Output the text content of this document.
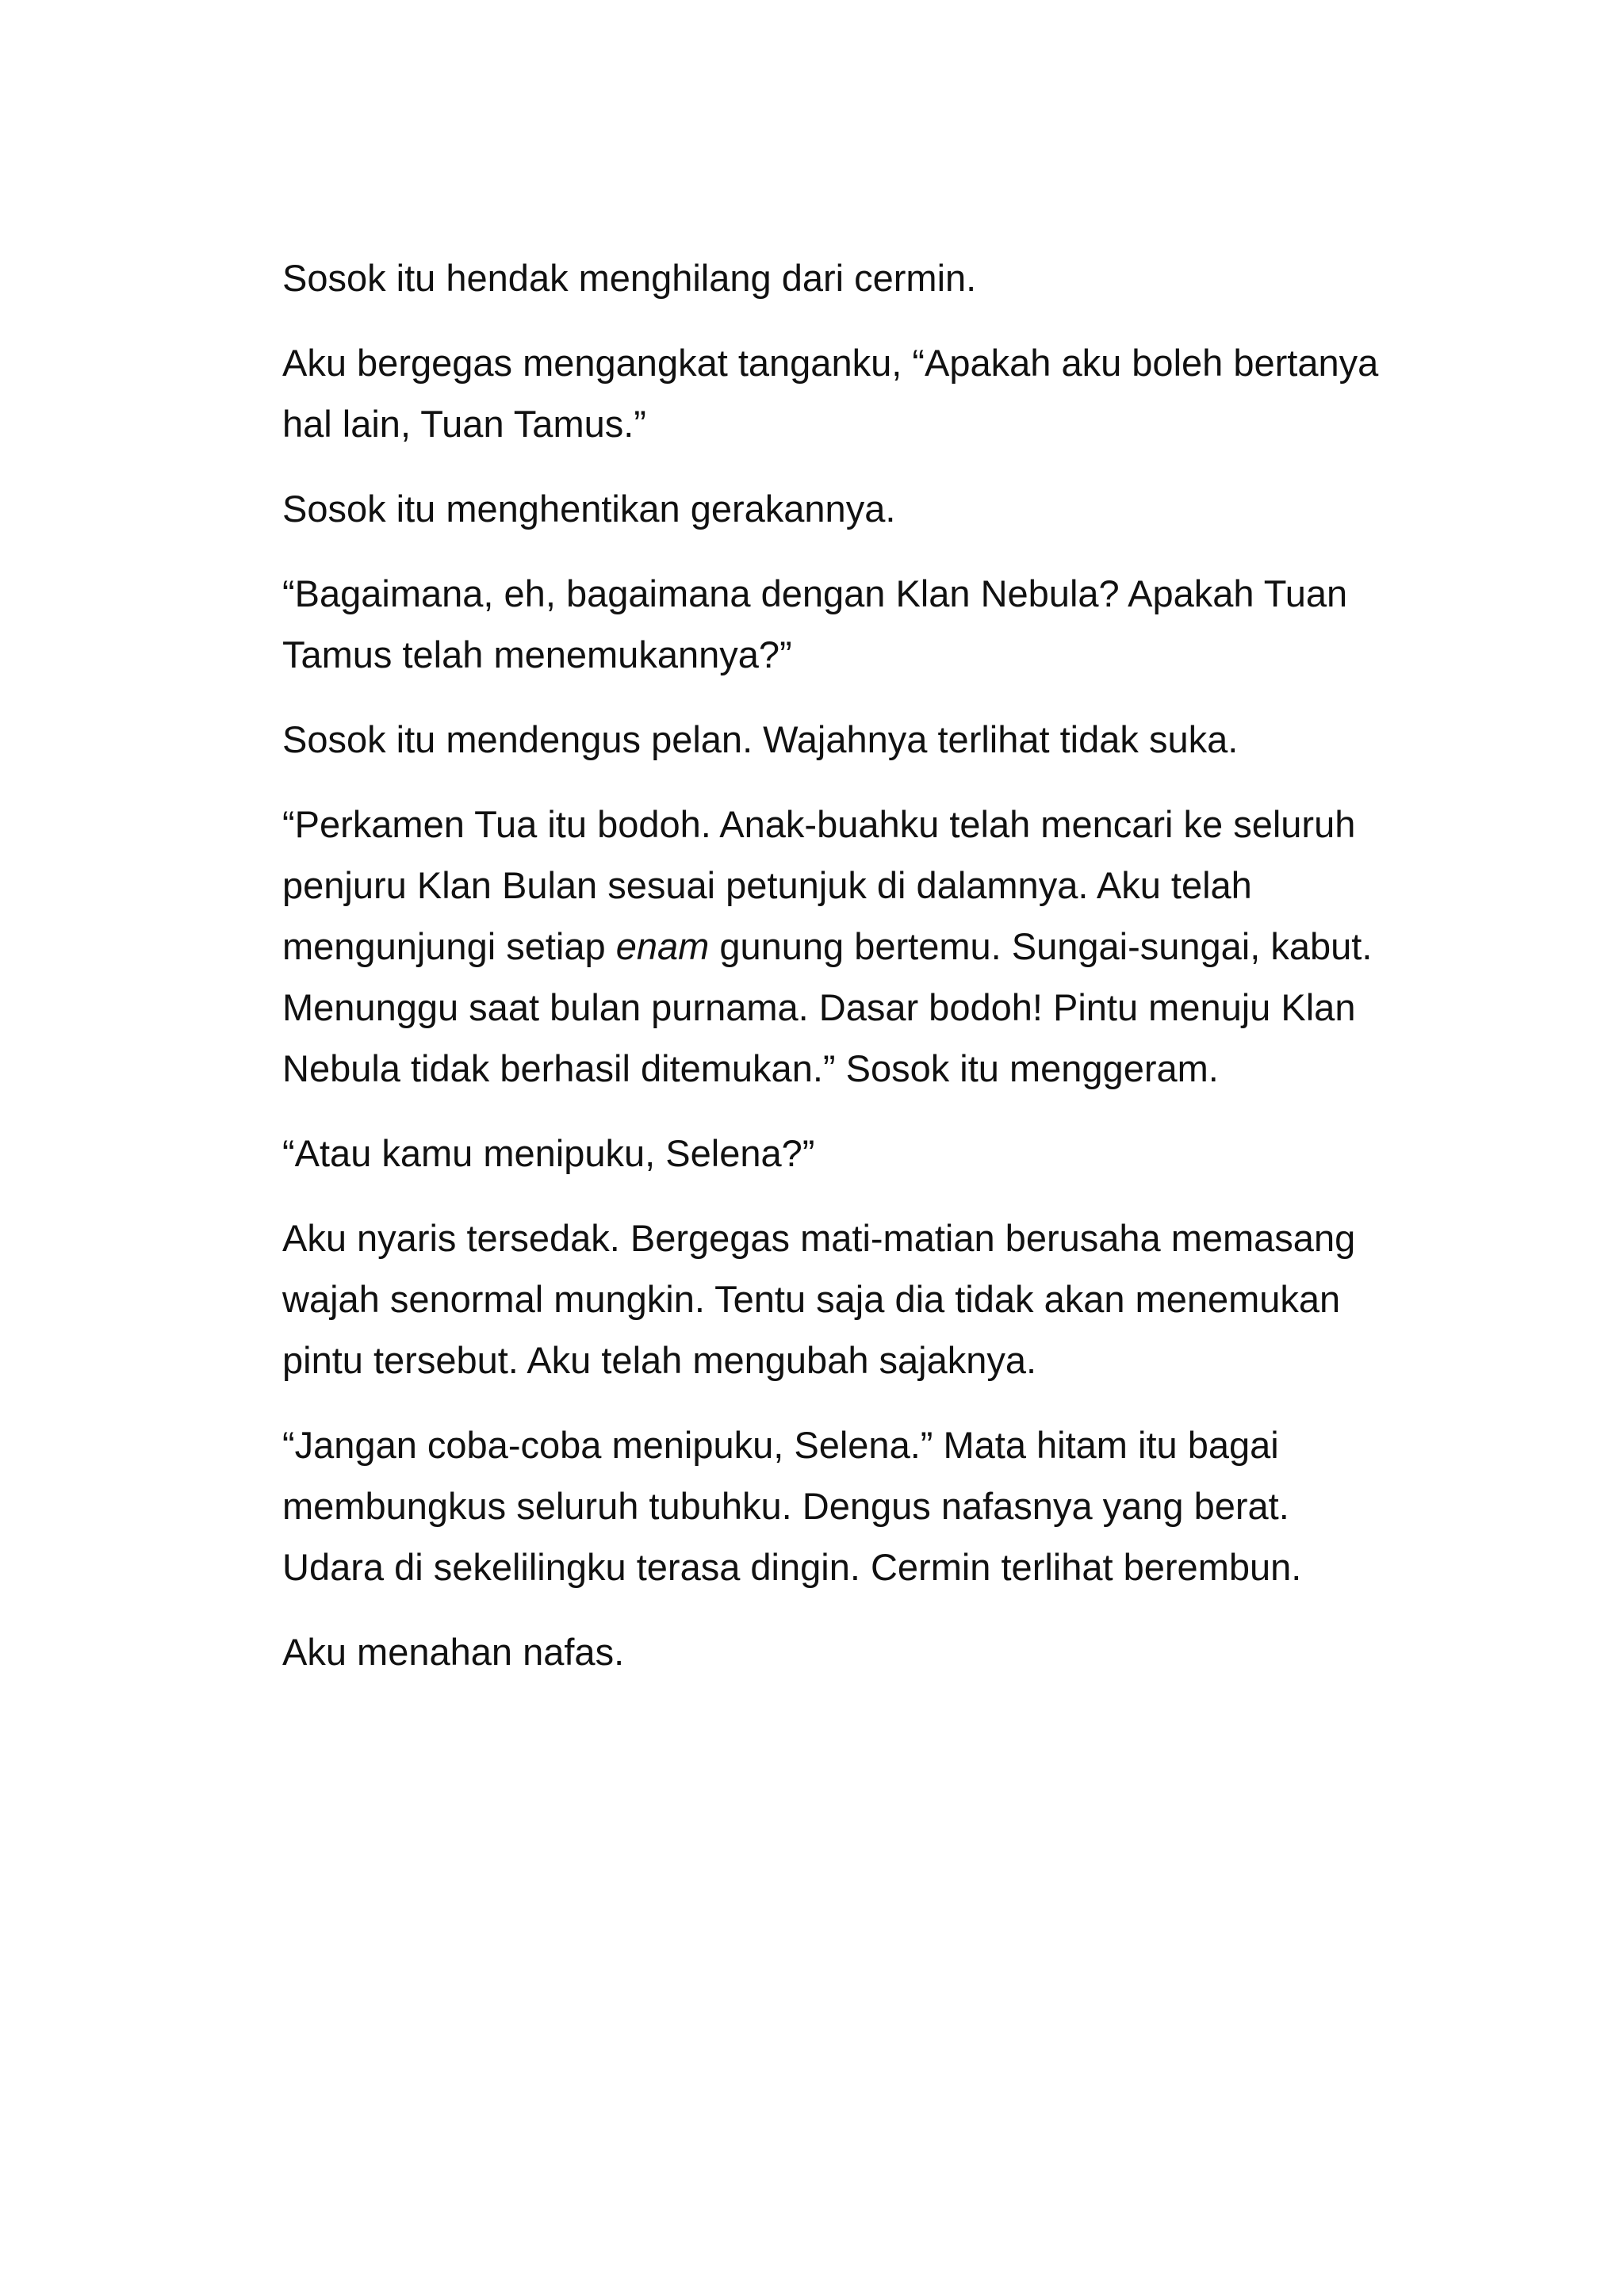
Sosok itu hendak menghilang dari cermin.

Aku bergegas mengangkat tanganku, “Apakah aku boleh bertanya hal lain, Tuan Tamus.”

Sosok itu menghentikan gerakannya.

“Bagaimana, eh, bagaimana dengan Klan Nebula? Apakah Tuan Tamus telah menemukannya?”

Sosok itu mendengus pelan. Wajahnya terlihat tidak suka.

“Perkamen Tua itu bodoh. Anak-buahku telah mencari ke seluruh penjuru Klan Bulan sesuai petunjuk di dalamnya. Aku telah mengunjungi setiap enam gunung bertemu. Sungai-sungai, kabut. Menunggu saat bulan purnama. Dasar bodoh! Pintu menuju Klan Nebula tidak berhasil ditemukan.” Sosok itu menggeram.

“Atau kamu menipuku, Selena?”

Aku nyaris tersedak. Bergegas mati-matian berusaha memasang wajah senormal mungkin. Tentu saja dia tidak akan menemukan pintu tersebut. Aku telah mengubah sajaknya.

“Jangan coba-coba menipuku, Selena.” Mata hitam itu bagai membungkus seluruh tubuhku. Dengus nafasnya yang berat. Udara di sekelilingku terasa dingin. Cermin terlihat berembun.

Aku menahan nafas.
